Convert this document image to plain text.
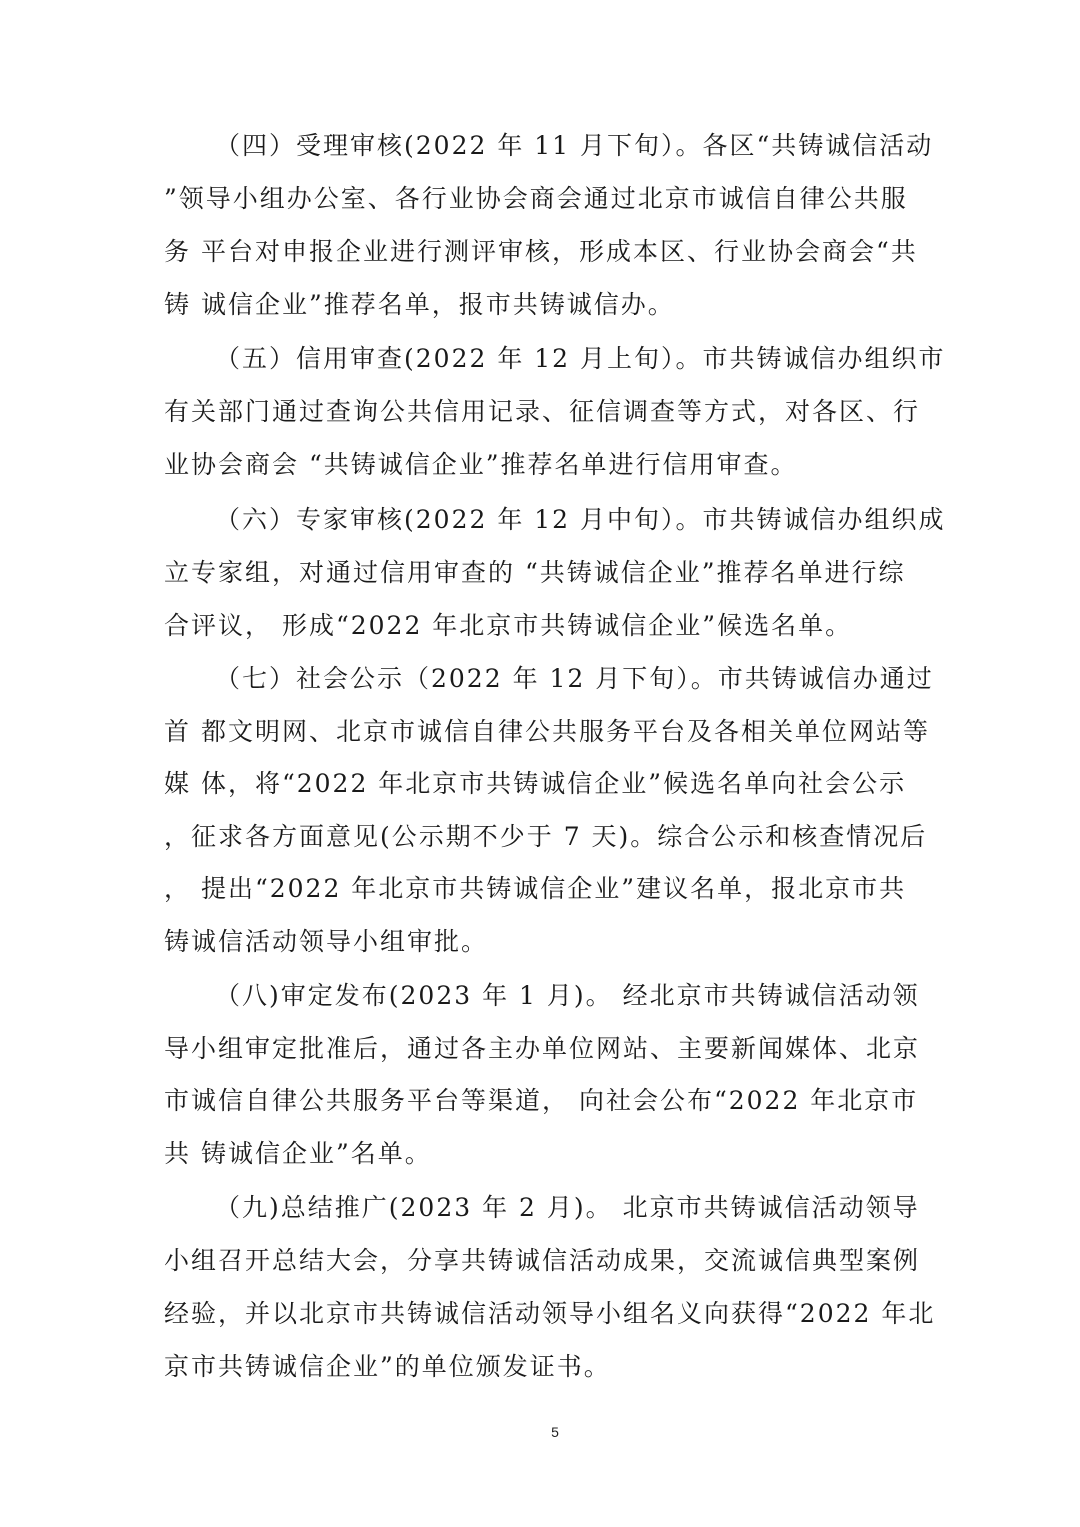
（四）受理审核(2022 年 11 月下旬）。各区“共铸诚信活动
”领导小组办公室、各行业协会商会通过北京市诚信自律公共服
务 平台对申报企业进行测评审核，形成本区、行业协会商会“共
铸 诚信企业”推荐名单，报市共铸诚信办。
（五）信用审查(2022 年 12 月上旬）。市共铸诚信办组织市
有关部门通过查询公共信用记录、征信调查等方式，对各区、行
业协会商会 “共铸诚信企业”推荐名单进行信用审查。
（六）专家审核(2022 年 12 月中旬）。市共铸诚信办组织成
立专家组，对通过信用审查的 “共铸诚信企业”推荐名单进行综
合评议， 形成“2022 年北京市共铸诚信企业”候选名单。
（七）社会公示（2022 年 12 月下旬）。市共铸诚信办通过
首 都文明网、北京市诚信自律公共服务平台及各相关单位网站等
媒 体，将“2022 年北京市共铸诚信企业”候选名单向社会公示
，征求各方面意见(公示期不少于 7 天)。综合公示和核查情况后
， 提出“2022 年北京市共铸诚信企业”建议名单，报北京市共
铸诚信活动领导小组审批。
（八)审定发布(2023 年 1 月)。 经北京市共铸诚信活动领
导小组审定批准后，通过各主办单位网站、主要新闻媒体、北京
市诚信自律公共服务平台等渠道， 向社会公布“2022 年北京市
共 铸诚信企业”名单。
（九)总结推广(2023 年 2 月)。 北京市共铸诚信活动领导
小组召开总结大会，分享共铸诚信活动成果，交流诚信典型案例
经验，并以北京市共铸诚信活动领导小组名义向获得“2022 年北
京市共铸诚信企业”的单位颁发证书。
5
